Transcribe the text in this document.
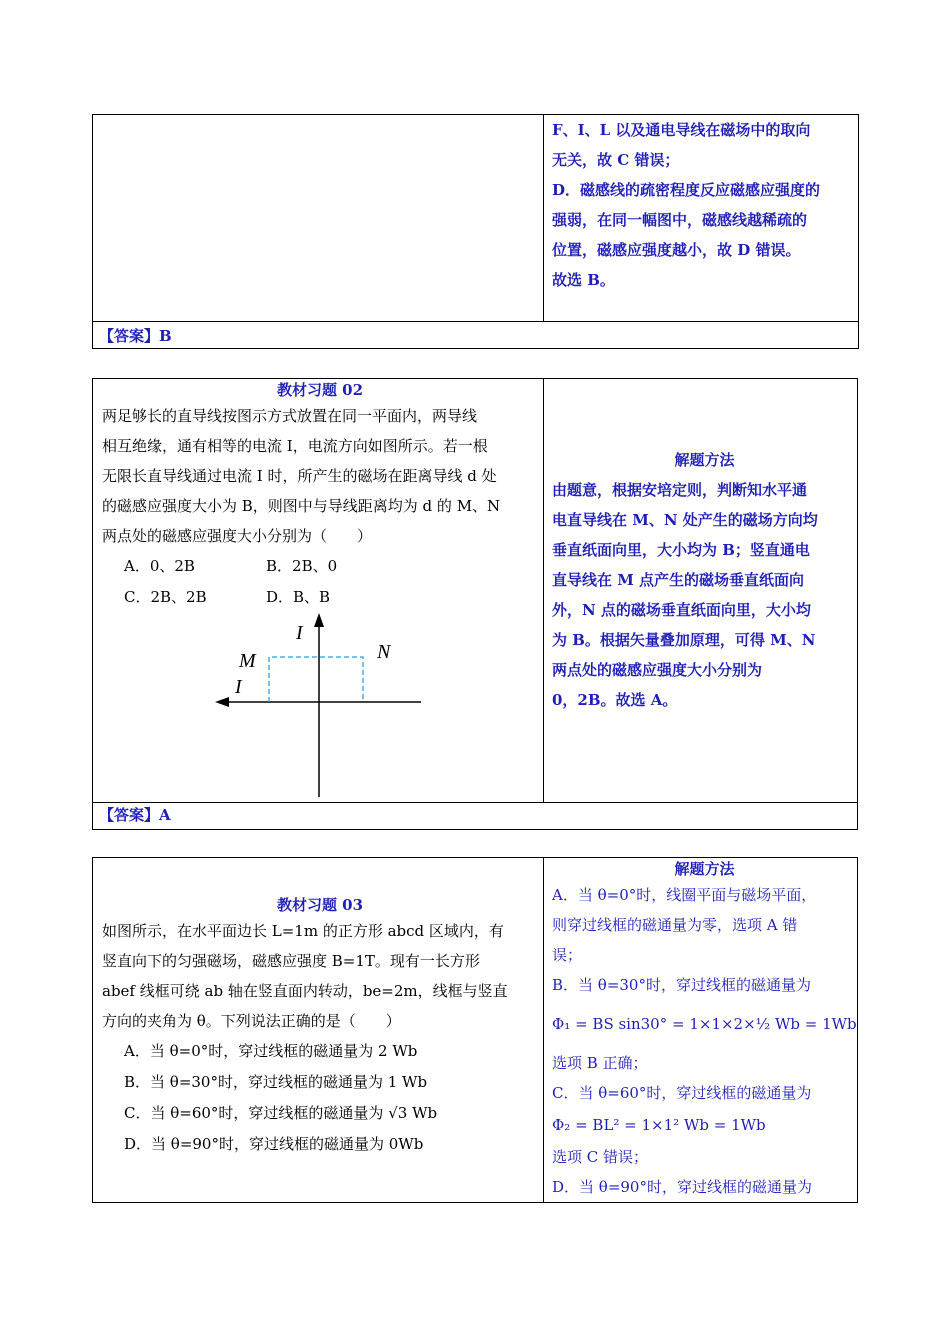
F、I、L 以及通电导线在磁场中的取向
无关，故 C 错误；
D．磁感线的疏密程度反应磁感应强度的
强弱，在同一幅图中，磁感线越稀疏的
位置，磁感应强度越小，故 D 错误。
故选 B。
【答案】B
教材习题 02
两足够长的直导线按图示方式放置在同一平面内，两导线
相互绝缘，通有相等的电流 I，电流方向如图所示。若一根
无限长直导线通过电流 I 时，所产生的磁场在距离导线 d 处
的磁感应强度大小为 B，则图中与导线距离均为 d 的 M、N
两点处的磁感应强度大小分别为（　　）
A．0、2B	B．2B、0
C．2B、2B	D．B、B
I
M	N
I
解题方法
由题意，根据安培定则，判断知水平通
电直导线在 M、N 处产生的磁场方向均
垂直纸面向里，大小均为 B；竖直通电
直导线在 M 点产生的磁场垂直纸面向
外，N 点的磁场垂直纸面向里，大小均
为 B。根据矢量叠加原理，可得 M、N
两点处的磁感应强度大小分别为
0，2B。故选 A。
【答案】A
教材习题 03
如图所示，在水平面边长 L=1m 的正方形 abcd 区域内，有
竖直向下的匀强磁场，磁感应强度 B=1T。现有一长方形
abef 线框可绕 ab 轴在竖直面内转动，be=2m，线框与竖直
方向的夹角为 θ。下列说法正确的是（　　）
A．当 θ=0°时，穿过线框的磁通量为 2 Wb
B．当 θ=30°时，穿过线框的磁通量为 1 Wb
C．当 θ=60°时，穿过线框的磁通量为 √3 Wb
D．当 θ=90°时，穿过线框的磁通量为 0Wb
解题方法
A．当 θ=0°时，线圈平面与磁场平面，
则穿过线框的磁通量为零，选项 A 错
误；
B．当 θ=30°时，穿过线框的磁通量为
Φ₁ = BS sin30° = 1×1×2×½ Wb = 1Wb
选项 B 正确；
C．当 θ=60°时，穿过线框的磁通量为
Φ₂ = BL² = 1×1² Wb = 1Wb
选项 C 错误；
D．当 θ=90°时，穿过线框的磁通量为
